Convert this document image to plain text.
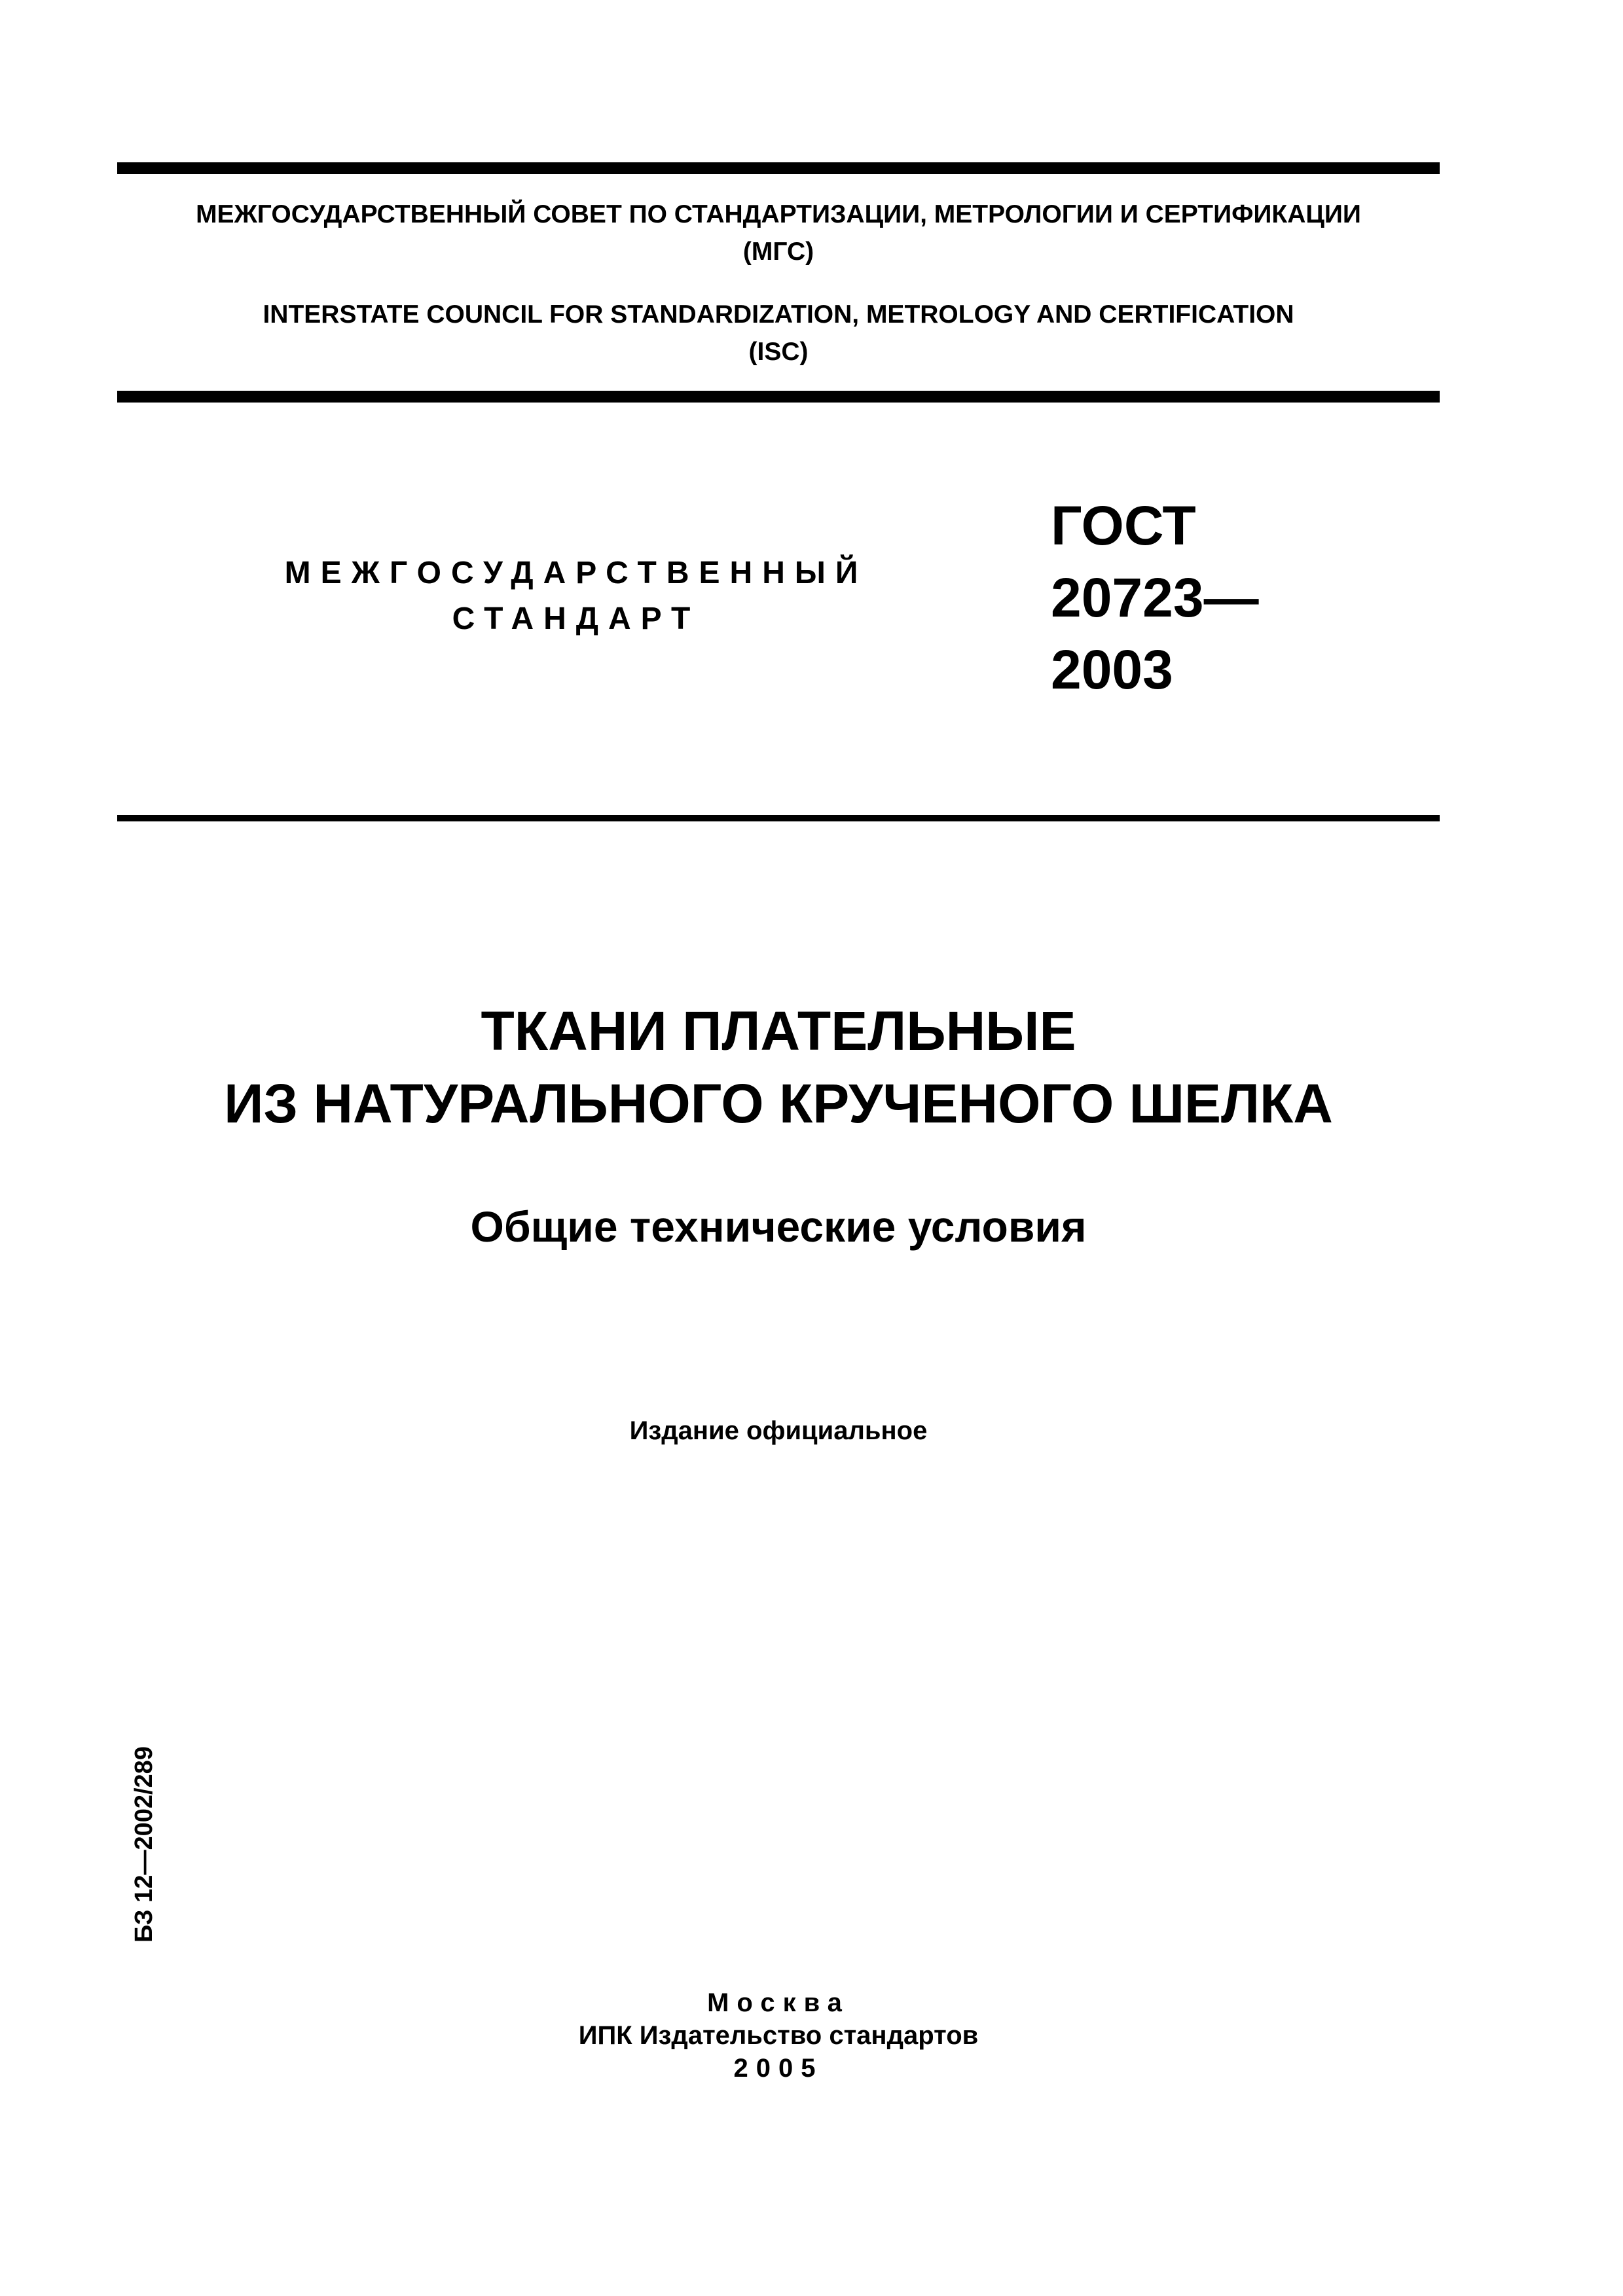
МЕЖГОСУДАРСТВЕННЫЙ СОВЕТ ПО СТАНДАРТИЗАЦИИ, МЕТРОЛОГИИ И СЕРТИФИКАЦИИ

(МГС)

INTERSTATE COUNCIL FOR STANDARDIZATION, METROLOGY AND CERTIFICATION

(ISC)

МЕЖГОСУДАРСТВЕННЫЙ

СТАНДАРТ

ГОСТ
20723—
2003
ТКАНИ ПЛАТЕЛЬНЫЕ
ИЗ НАТУРАЛЬНОГО КРУЧЕНОГО ШЕЛКА
Общие технические условия

Издание официальное

БЗ 12—2002/289

Москва

ИПК Издательство стандартов

2005
